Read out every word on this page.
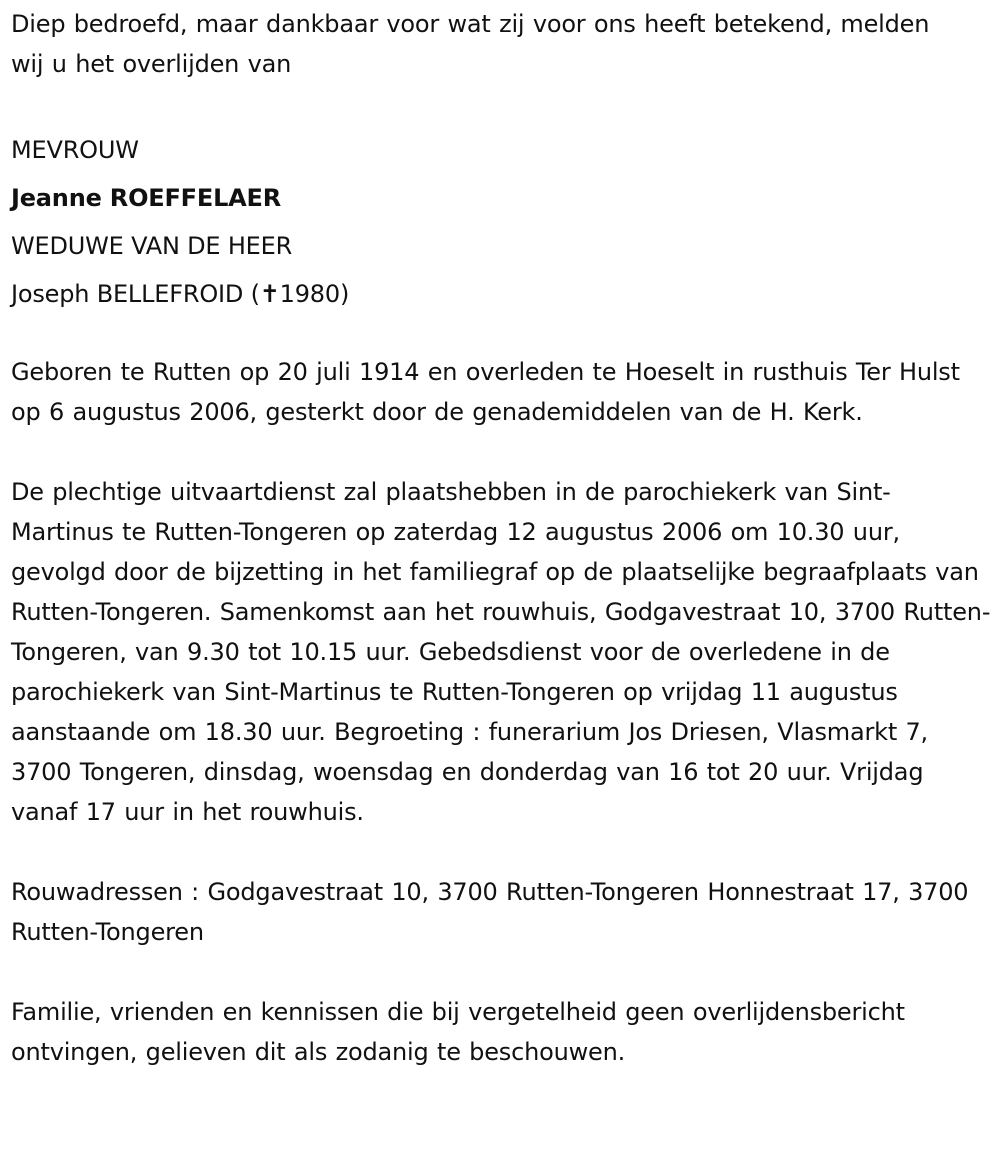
Diep bedroefd, maar dankbaar voor wat zij voor ons heeft betekend, melden wij u het overlijden van

MEVROUW

Jeanne ROEFFELAER

WEDUWE VAN DE HEER

Joseph BELLEFROID (✝1980)

Geboren te Rutten op 20 juli 1914 en overleden te Hoeselt in rusthuis Ter Hulst op 6 augustus 2006, gesterkt door de genademiddelen van de H. Kerk.

De plechtige uitvaartdienst zal plaatshebben in de parochiekerk van Sint-Martinus te Rutten-Tongeren op zaterdag 12 augustus 2006 om 10.30 uur, gevolgd door de bijzetting in het familiegraf op de plaatselijke begraafplaats van Rutten-Tongeren. Samenkomst aan het rouwhuis, Godgavestraat 10, 3700 Rutten-Tongeren, van 9.30 tot 10.15 uur. Gebedsdienst voor de overledene in de parochiekerk van Sint-Martinus te Rutten-Tongeren op vrijdag 11 augustus aanstaande om 18.30 uur. Begroeting : funerarium Jos Driesen, Vlasmarkt 7, 3700 Tongeren, dinsdag, woensdag en donderdag van 16 tot 20 uur. Vrijdag vanaf 17 uur in het rouwhuis.

Rouwadressen : Godgavestraat 10, 3700 Rutten-Tongeren Honnestraat 17, 3700 Rutten-Tongeren

Familie, vrienden en kennissen die bij vergetelheid geen overlijdensbericht ontvingen, gelieven dit als zodanig te beschouwen.
